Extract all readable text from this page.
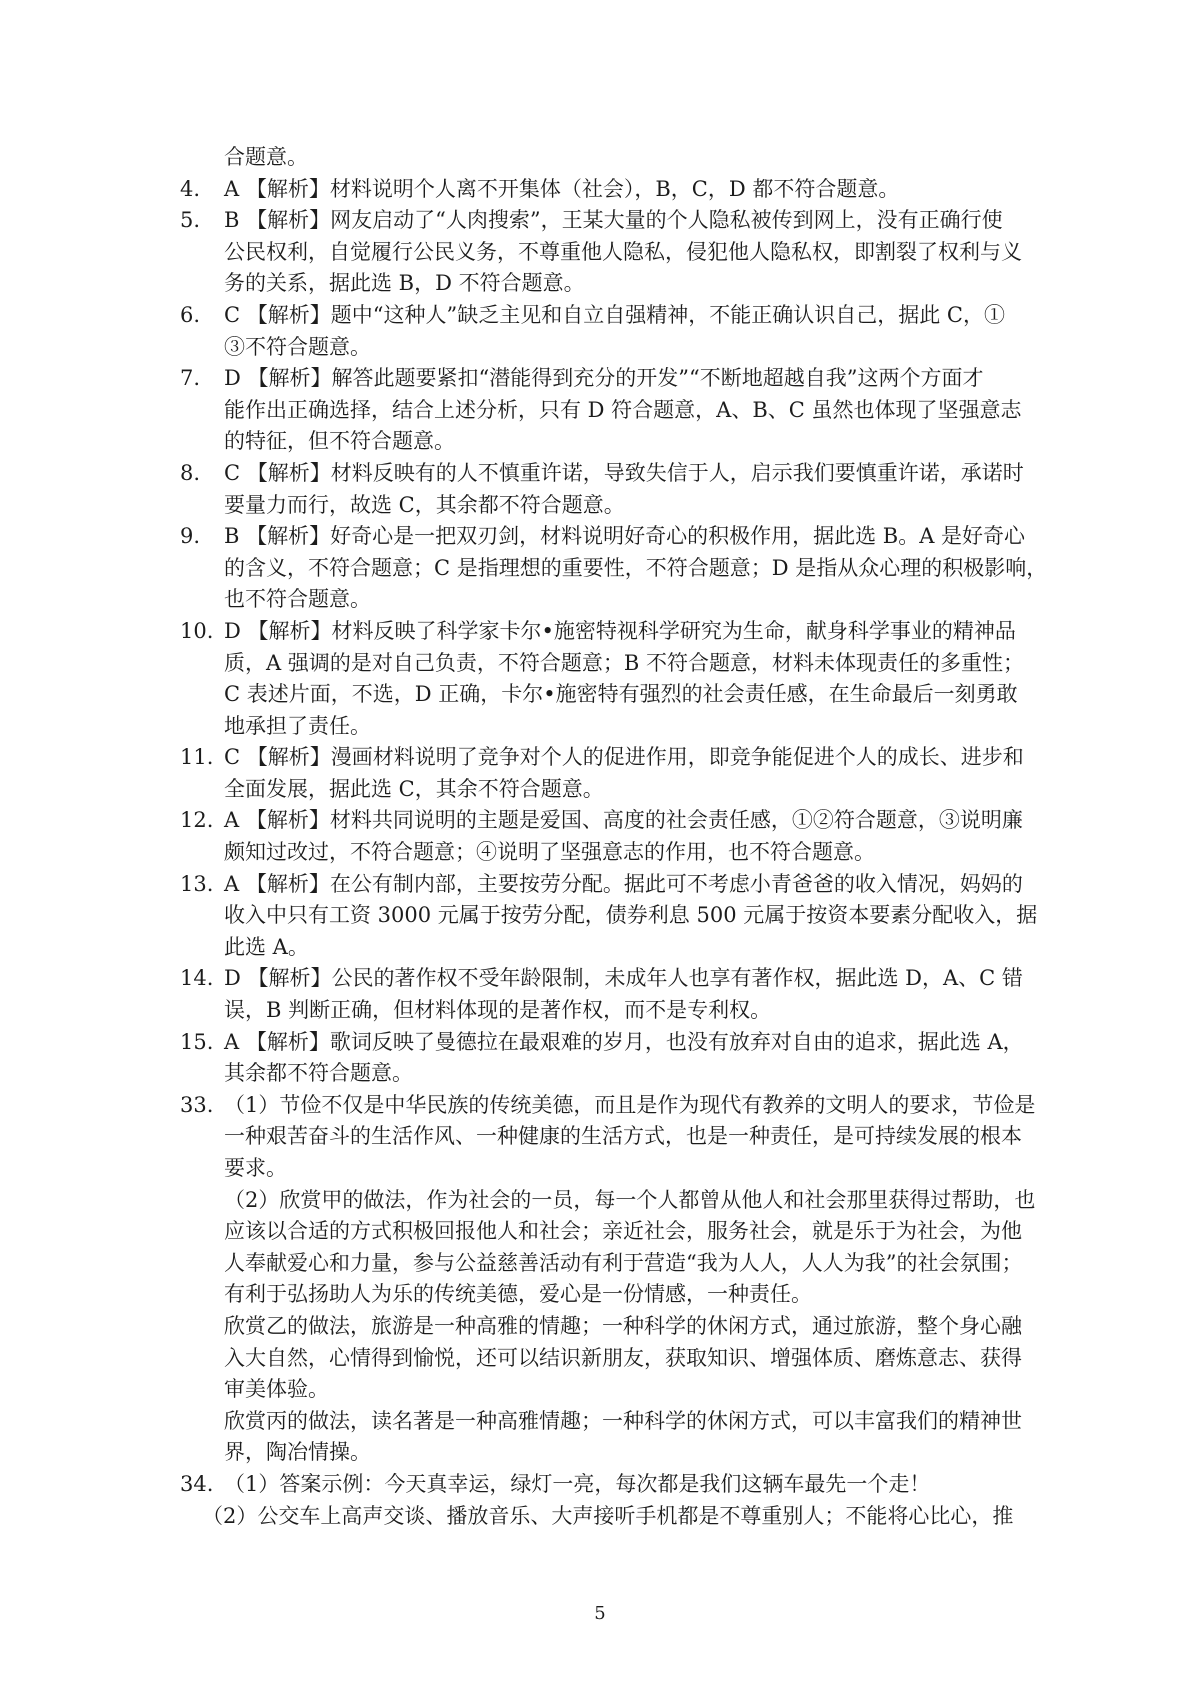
合题意。
4. A 【解析】材料说明个人离不开集体（社会），B，C，D 都不符合题意。
5. B 【解析】网友启动了“人肉搜索”，王某大量的个人隐私被传到网上，没有正确行使
公民权利，自觉履行公民义务，不尊重他人隐私，侵犯他人隐私权，即割裂了权利与义
务的关系，据此选 B，D 不符合题意。
6. C 【解析】题中“这种人”缺乏主见和自立自强精神，不能正确认识自己，据此 C，①
③不符合题意。
7. D 【解析】解答此题要紧扣“潜能得到充分的开发”“不断地超越自我”这两个方面才
能作出正确选择，结合上述分析，只有 D 符合题意，A、B、C 虽然也体现了坚强意志
的特征，但不符合题意。
8. C 【解析】材料反映有的人不慎重许诺，导致失信于人，启示我们要慎重许诺，承诺时
要量力而行，故选 C，其余都不符合题意。
9. B 【解析】好奇心是一把双刃剑，材料说明好奇心的积极作用，据此选 B。A 是好奇心
的含义，不符合题意；C 是指理想的重要性，不符合题意；D 是指从众心理的积极影响，
也不符合题意。
10. D 【解析】材料反映了科学家卡尔•施密特视科学研究为生命，献身科学事业的精神品
质，A 强调的是对自己负责，不符合题意；B 不符合题意，材料未体现责任的多重性；
C 表述片面，不选，D 正确，卡尔•施密特有强烈的社会责任感，在生命最后一刻勇敢
地承担了责任。
11. C 【解析】漫画材料说明了竞争对个人的促进作用，即竞争能促进个人的成长、进步和
全面发展，据此选 C，其余不符合题意。
12. A 【解析】材料共同说明的主题是爱国、高度的社会责任感，①②符合题意，③说明廉
颇知过改过，不符合题意；④说明了坚强意志的作用，也不符合题意。
13. A 【解析】在公有制内部，主要按劳分配。据此可不考虑小青爸爸的收入情况，妈妈的
收入中只有工资 3000 元属于按劳分配，债券利息 500 元属于按资本要素分配收入，据
此选 A。
14. D 【解析】公民的著作权不受年龄限制，未成年人也享有著作权，据此选 D，A、C 错
误，B 判断正确，但材料体现的是著作权，而不是专利权。
15. A 【解析】歌词反映了曼德拉在最艰难的岁月，也没有放弃对自由的追求，据此选 A，
其余都不符合题意。
33. （1）节俭不仅是中华民族的传统美德，而且是作为现代有教养的文明人的要求，节俭是
一种艰苦奋斗的生活作风、一种健康的生活方式，也是一种责任，是可持续发展的根本
要求。
（2）欣赏甲的做法，作为社会的一员，每一个人都曾从他人和社会那里获得过帮助，也
应该以合适的方式积极回报他人和社会；亲近社会，服务社会，就是乐于为社会，为他
人奉献爱心和力量，参与公益慈善活动有利于营造“我为人人，人人为我”的社会氛围；
有利于弘扬助人为乐的传统美德，爱心是一份情感，一种责任。
欣赏乙的做法，旅游是一种高雅的情趣；一种科学的休闲方式，通过旅游，整个身心融
入大自然，心情得到愉悦，还可以结识新朋友，获取知识、增强体质、磨炼意志、获得
审美体验。
欣赏丙的做法，读名著是一种高雅情趣；一种科学的休闲方式，可以丰富我们的精神世
界，陶冶情操。
34. （1）答案示例：今天真幸运，绿灯一亮，每次都是我们这辆车最先一个走！
（2）公交车上高声交谈、播放音乐、大声接听手机都是不尊重别人；不能将心比心，推
5
